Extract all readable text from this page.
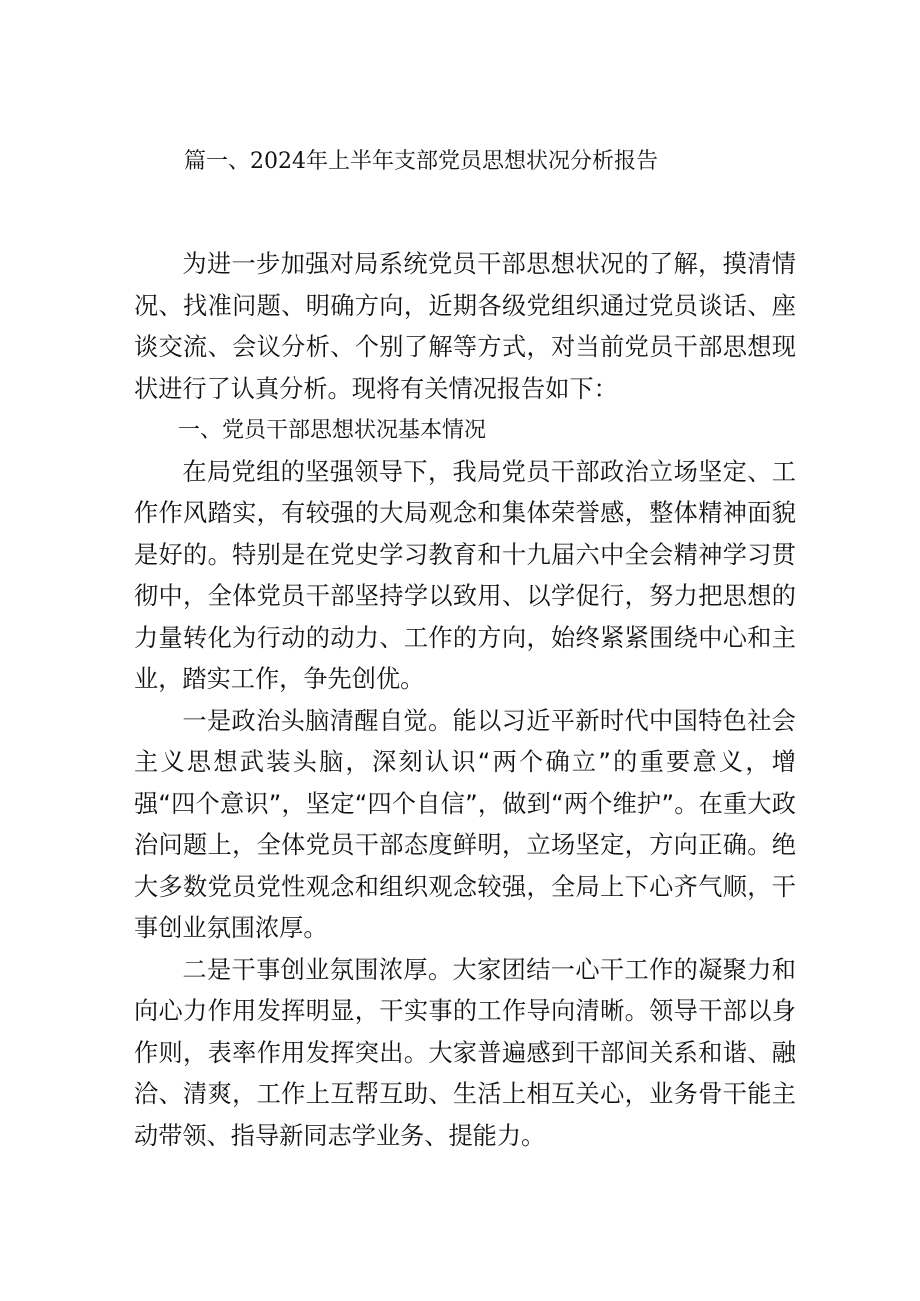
篇一、2024年上半年支部党员思想状况分析报告

为进一步加强对局系统党员干部思想状况的了解，摸清情况、找准问题、明确方向，近期各级党组织通过党员谈话、座谈交流、会议分析、个别了解等方式，对当前党员干部思想现状进行了认真分析。现将有关情况报告如下：

一、党员干部思想状况基本情况

在局党组的坚强领导下，我局党员干部政治立场坚定、工作作风踏实，有较强的大局观念和集体荣誉感，整体精神面貌是好的。特别是在党史学习教育和十九届六中全会精神学习贯彻中，全体党员干部坚持学以致用、以学促行，努力把思想的力量转化为行动的动力、工作的方向，始终紧紧围绕中心和主业，踏实工作，争先创优。

一是政治头脑清醒自觉。能以习近平新时代中国特色社会主义思想武装头脑，深刻认识“两个确立”的重要意义，增强“四个意识”，坚定“四个自信”，做到“两个维护”。在重大政治问题上，全体党员干部态度鲜明，立场坚定，方向正确。绝大多数党员党性观念和组织观念较强，全局上下心齐气顺，干事创业氛围浓厚。

二是干事创业氛围浓厚。大家团结一心干工作的凝聚力和向心力作用发挥明显，干实事的工作导向清晰。领导干部以身作则，表率作用发挥突出。大家普遍感到干部间关系和谐、融洽、清爽，工作上互帮互助、生活上相互关心，业务骨干能主动带领、指导新同志学业务、提能力。
